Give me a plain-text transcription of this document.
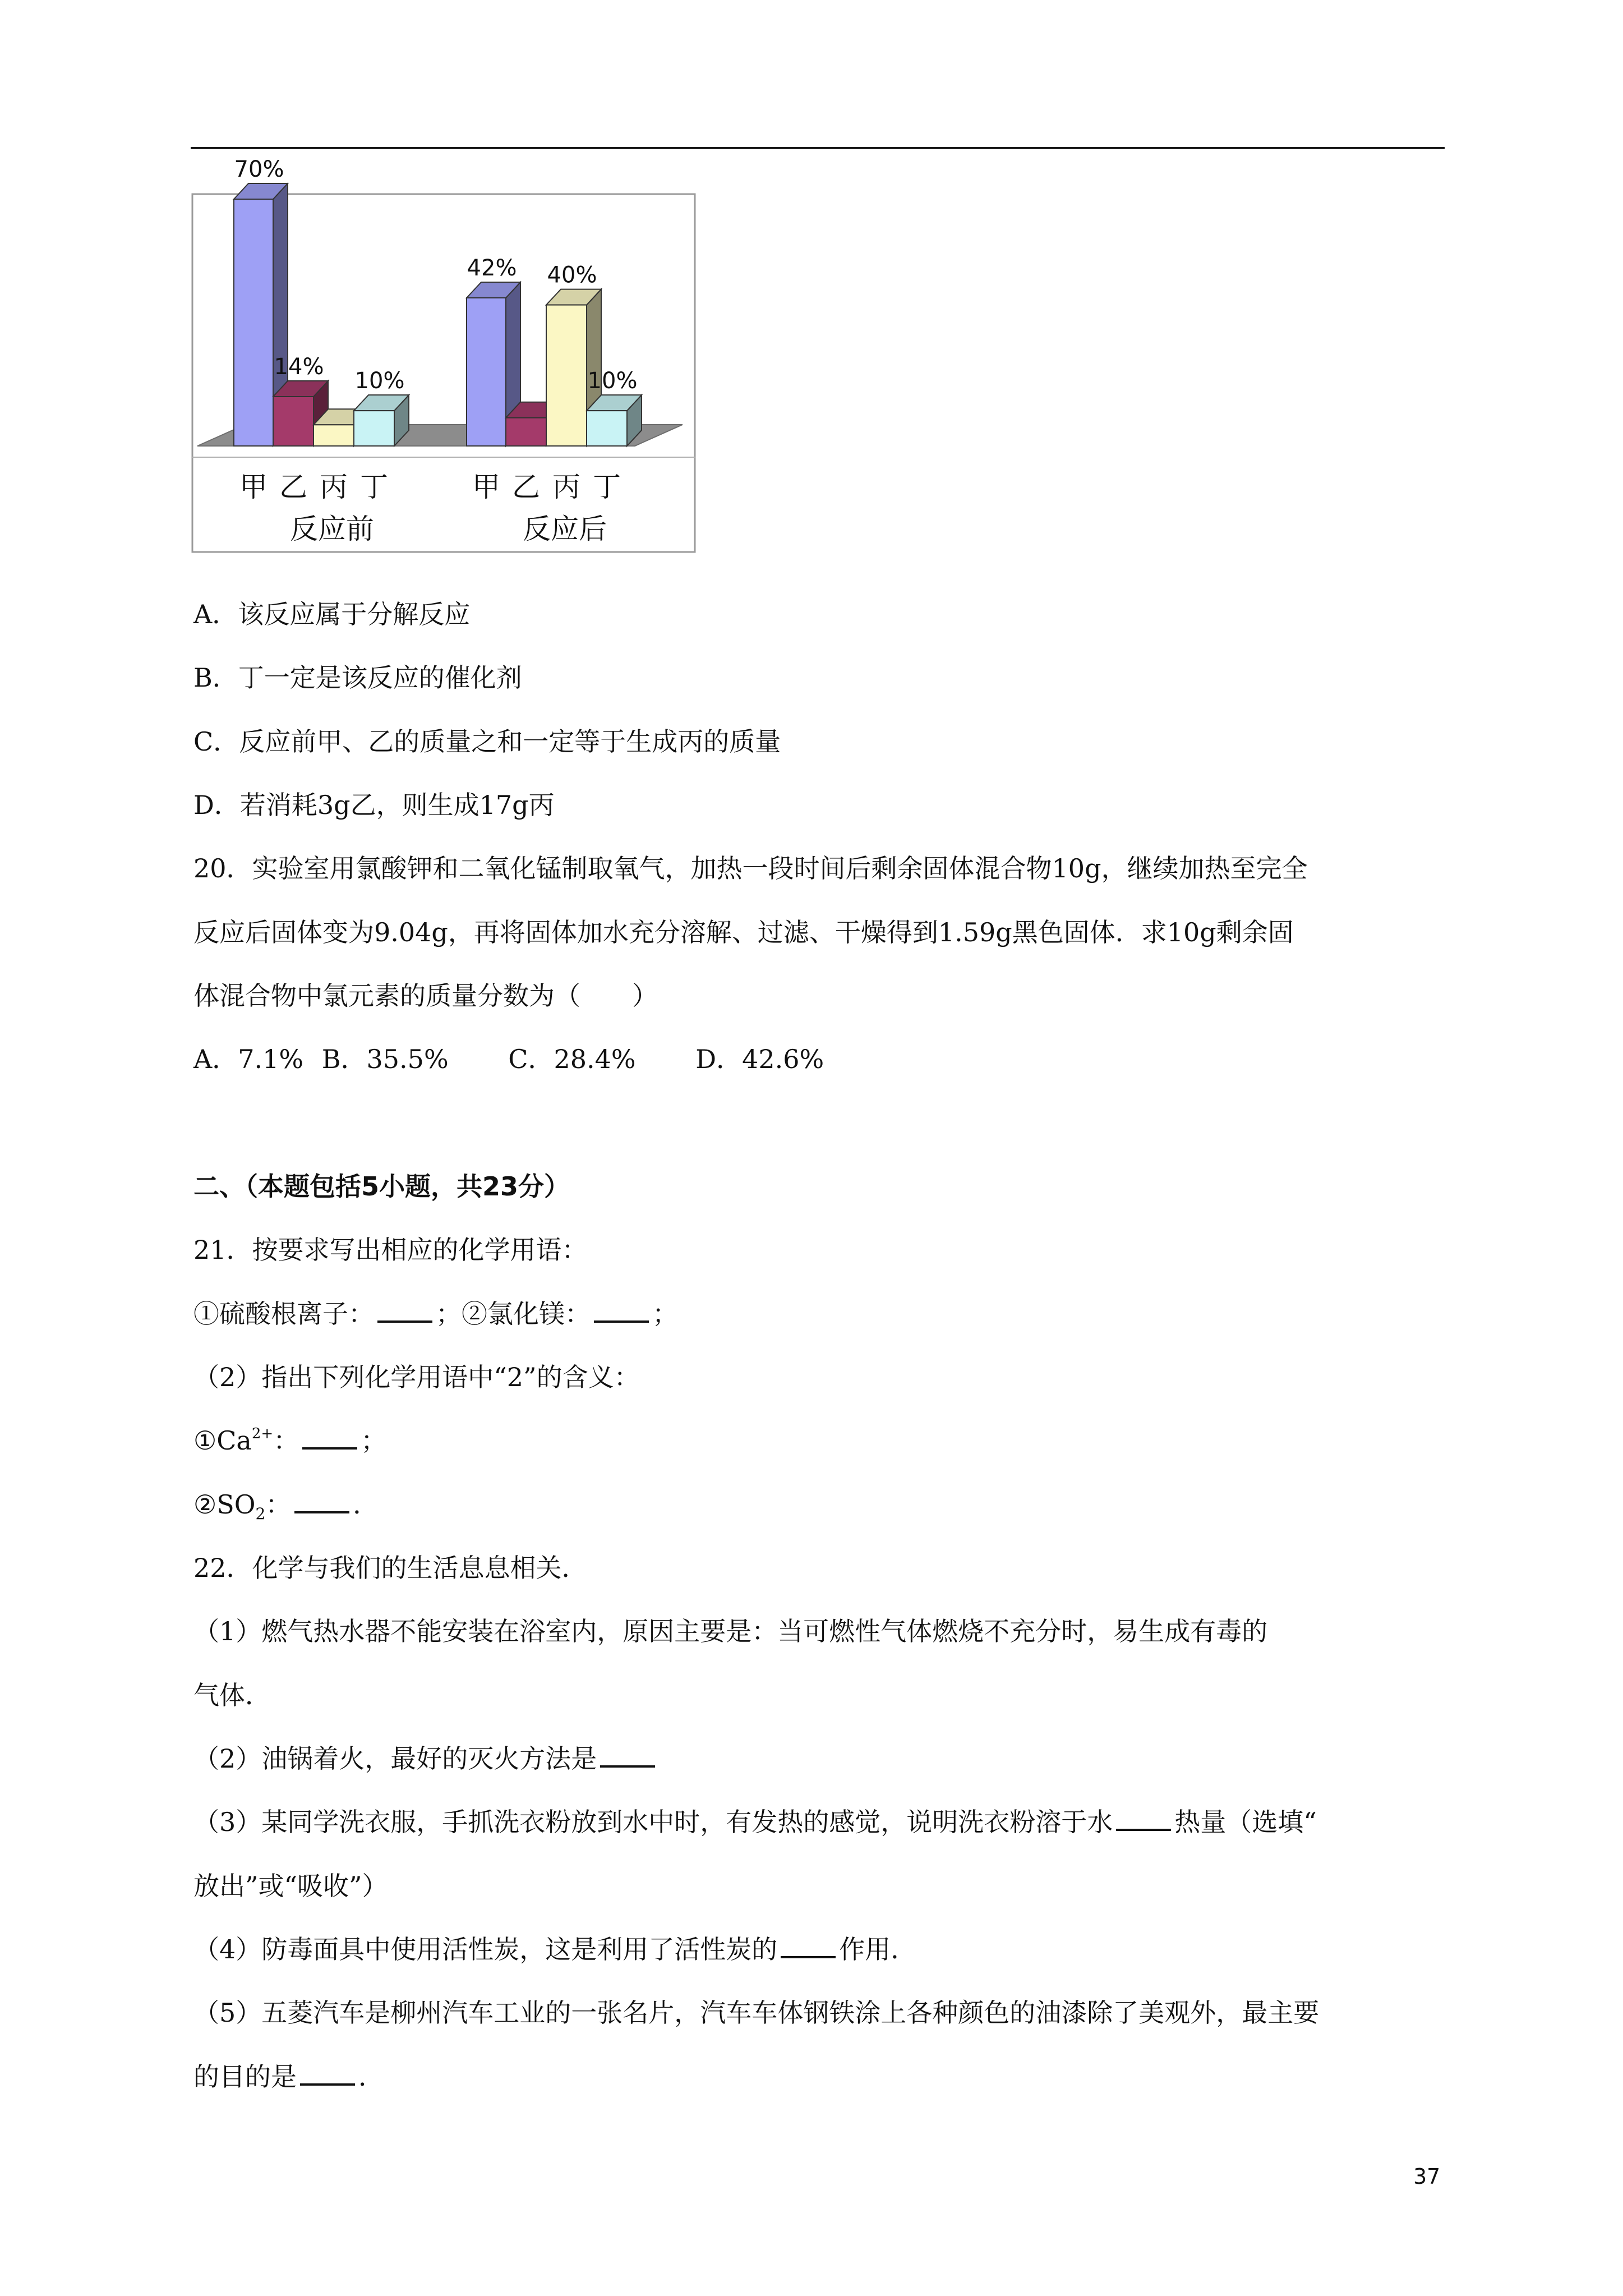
70%
甲
14%
乙 丙
10%
丁
反应前
42%
甲 乙
40%
丙
10%
丁
反应后
A．该反应属于分解反应
B．丁一定是该反应的催化剂
C．反应前甲、乙的质量之和一定等于生成丙的质量
D．若消耗3g乙，则生成17g丙
20．实验室用氯酸钾和二氧化锰制取氧气，加热一段时间后剩余固体混合物10g，继续加热至完全
反应后固体变为9.04g，再将固体加水充分溶解、过滤、干燥得到1.59g黑色固体．求10g剩余固
体混合物中氯元素的质量分数为（　　）
A．7.1% B．35.5% C．28.4% D．42.6%
二、（本题包括5小题，共23分）
21．按要求写出相应的化学用语：
①硫酸根离子： ；②氯化镁： ；
（2）指出下列化学用语中“2”的含义：
$①Ca^{2+}$： ；
$②SO_2$： ．
22．化学与我们的生活息息相关．
（1）燃气热水器不能安装在浴室内，原因主要是：当可燃性气体燃烧不充分时，易生成有毒的
气体．
（2）油锅着火，最好的灭火方法是
（3）某同学洗衣服，手抓洗衣粉放到水中时，有发热的感觉，说明洗衣粉溶于水 热量（选填“
放出”或“吸收”）
（4）防毒面具中使用活性炭，这是利用了活性炭的 作用．
（5）五菱汽车是柳州汽车工业的一张名片，汽车车体钢铁涂上各种颜色的油漆除了美观外，最主要
的目的是 ．
37
